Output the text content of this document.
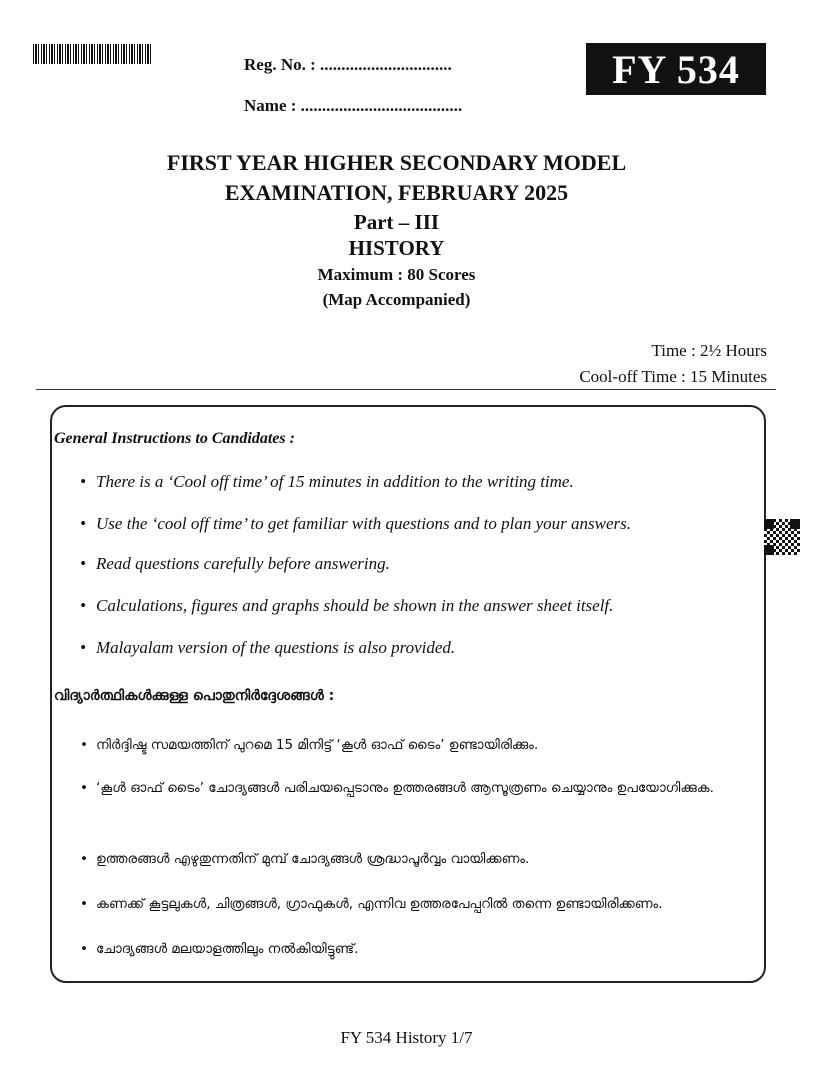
Reg. No. : ...............................
Name : ......................................
FY 534
FIRST YEAR HIGHER SECONDARY MODEL
EXAMINATION, FEBRUARY 2025
Part – III
HISTORY
Maximum : 80 Scores
(Map Accompanied)
Time : 2½ Hours
Cool-off Time : 15 Minutes
General Instructions to Candidates :
• There is a ‘Cool off time’ of 15 minutes in addition to the writing time.
• Use the ‘cool off time’ to get familiar with questions and to plan your answers.
• Read questions carefully before answering.
• Calculations, figures and graphs should be shown in the answer sheet itself.
• Malayalam version of the questions is also provided.
വിദ്യാർത്ഥികൾക്കുള്ള പൊതുനിർദ്ദേശങ്ങൾ :
• നിർദ്ദിഷ്ട സമയത്തിന് പുറമെ 15 മിനിട്ട് ‘കൂൾ ഓഫ് ടൈം’ ഉണ്ടായിരിക്കും.
• ‘കൂൾ ഓഫ് ടൈം’ ചോദ്യങ്ങൾ പരിചയപ്പെടാനും ഉത്തരങ്ങൾ ആസൂത്രണം ചെയ്യാനും ഉപയോഗിക്കുക.
• ഉത്തരങ്ങൾ എഴുതുന്നതിന് മുമ്പ് ചോദ്യങ്ങൾ ശ്രദ്ധാപൂർവ്വം വായിക്കണം.
• കണക്ക് കൂട്ടലുകൾ, ചിത്രങ്ങൾ, ഗ്രാഫുകൾ, എന്നിവ ഉത്തരപേപ്പറിൽ തന്നെ ഉണ്ടായിരിക്കണം.
• ചോദ്യങ്ങൾ മലയാളത്തിലും നൽകിയിട്ടുണ്ട്.
FY 534 History 1/7
